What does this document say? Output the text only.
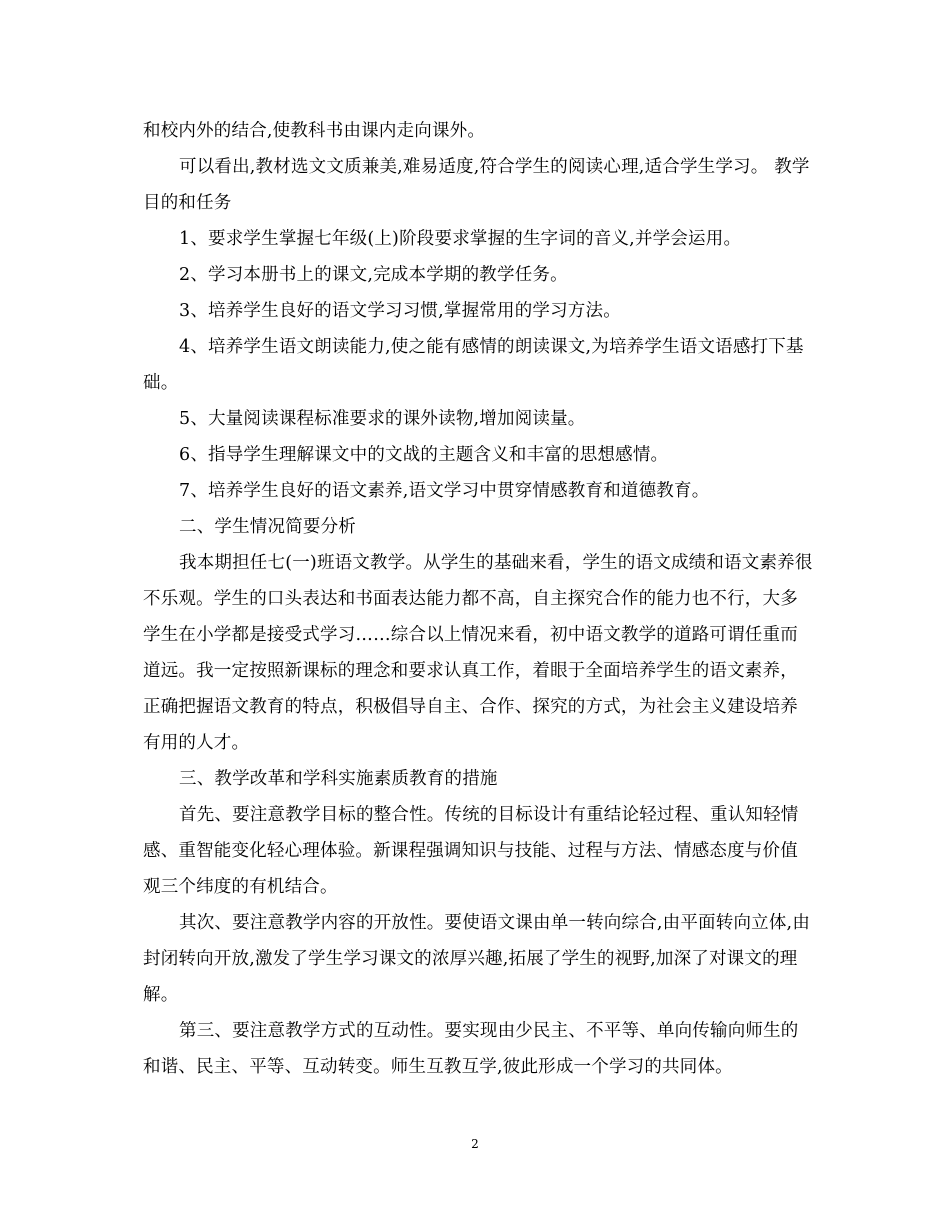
和校内外的结合,使教科书由课内走向课外。

可以看出,教材选文文质兼美,难易适度,符合学生的阅读心理,适合学生学习。 教学目的和任务

1、要求学生掌握七年级(上)阶段要求掌握的生字词的音义,并学会运用。

2、学习本册书上的课文,完成本学期的教学任务。

3、培养学生良好的语文学习习惯,掌握常用的学习方法。

4、培养学生语文朗读能力,使之能有感情的朗读课文,为培养学生语文语感打下基础。

5、大量阅读课程标准要求的课外读物,增加阅读量。

6、指导学生理解课文中的文战的主题含义和丰富的思想感情。

7、培养学生良好的语文素养,语文学习中贯穿情感教育和道德教育。

二、学生情况简要分析

我本期担任七(一)班语文教学。从学生的基础来看，学生的语文成绩和语文素养很不乐观。学生的口头表达和书面表达能力都不高，自主探究合作的能力也不行，大多学生在小学都是接受式学习……综合以上情况来看，初中语文教学的道路可谓任重而道远。我一定按照新课标的理念和要求认真工作，着眼于全面培养学生的语文素养，正确把握语文教育的特点，积极倡导自主、合作、探究的方式，为社会主义建设培养有用的人才。

三、教学改革和学科实施素质教育的措施

首先、要注意教学目标的整合性。传统的目标设计有重结论轻过程、重认知轻情感、重智能变化轻心理体验。新课程强调知识与技能、过程与方法、情感态度与价值观三个纬度的有机结合。

其次、要注意教学内容的开放性。要使语文课由单一转向综合,由平面转向立体,由封闭转向开放,激发了学生学习课文的浓厚兴趣,拓展了学生的视野,加深了对课文的理解。

第三、要注意教学方式的互动性。要实现由少民主、不平等、单向传输向师生的和谐、民主、平等、互动转变。师生互教互学,彼此形成一个学习的共同体。

2
